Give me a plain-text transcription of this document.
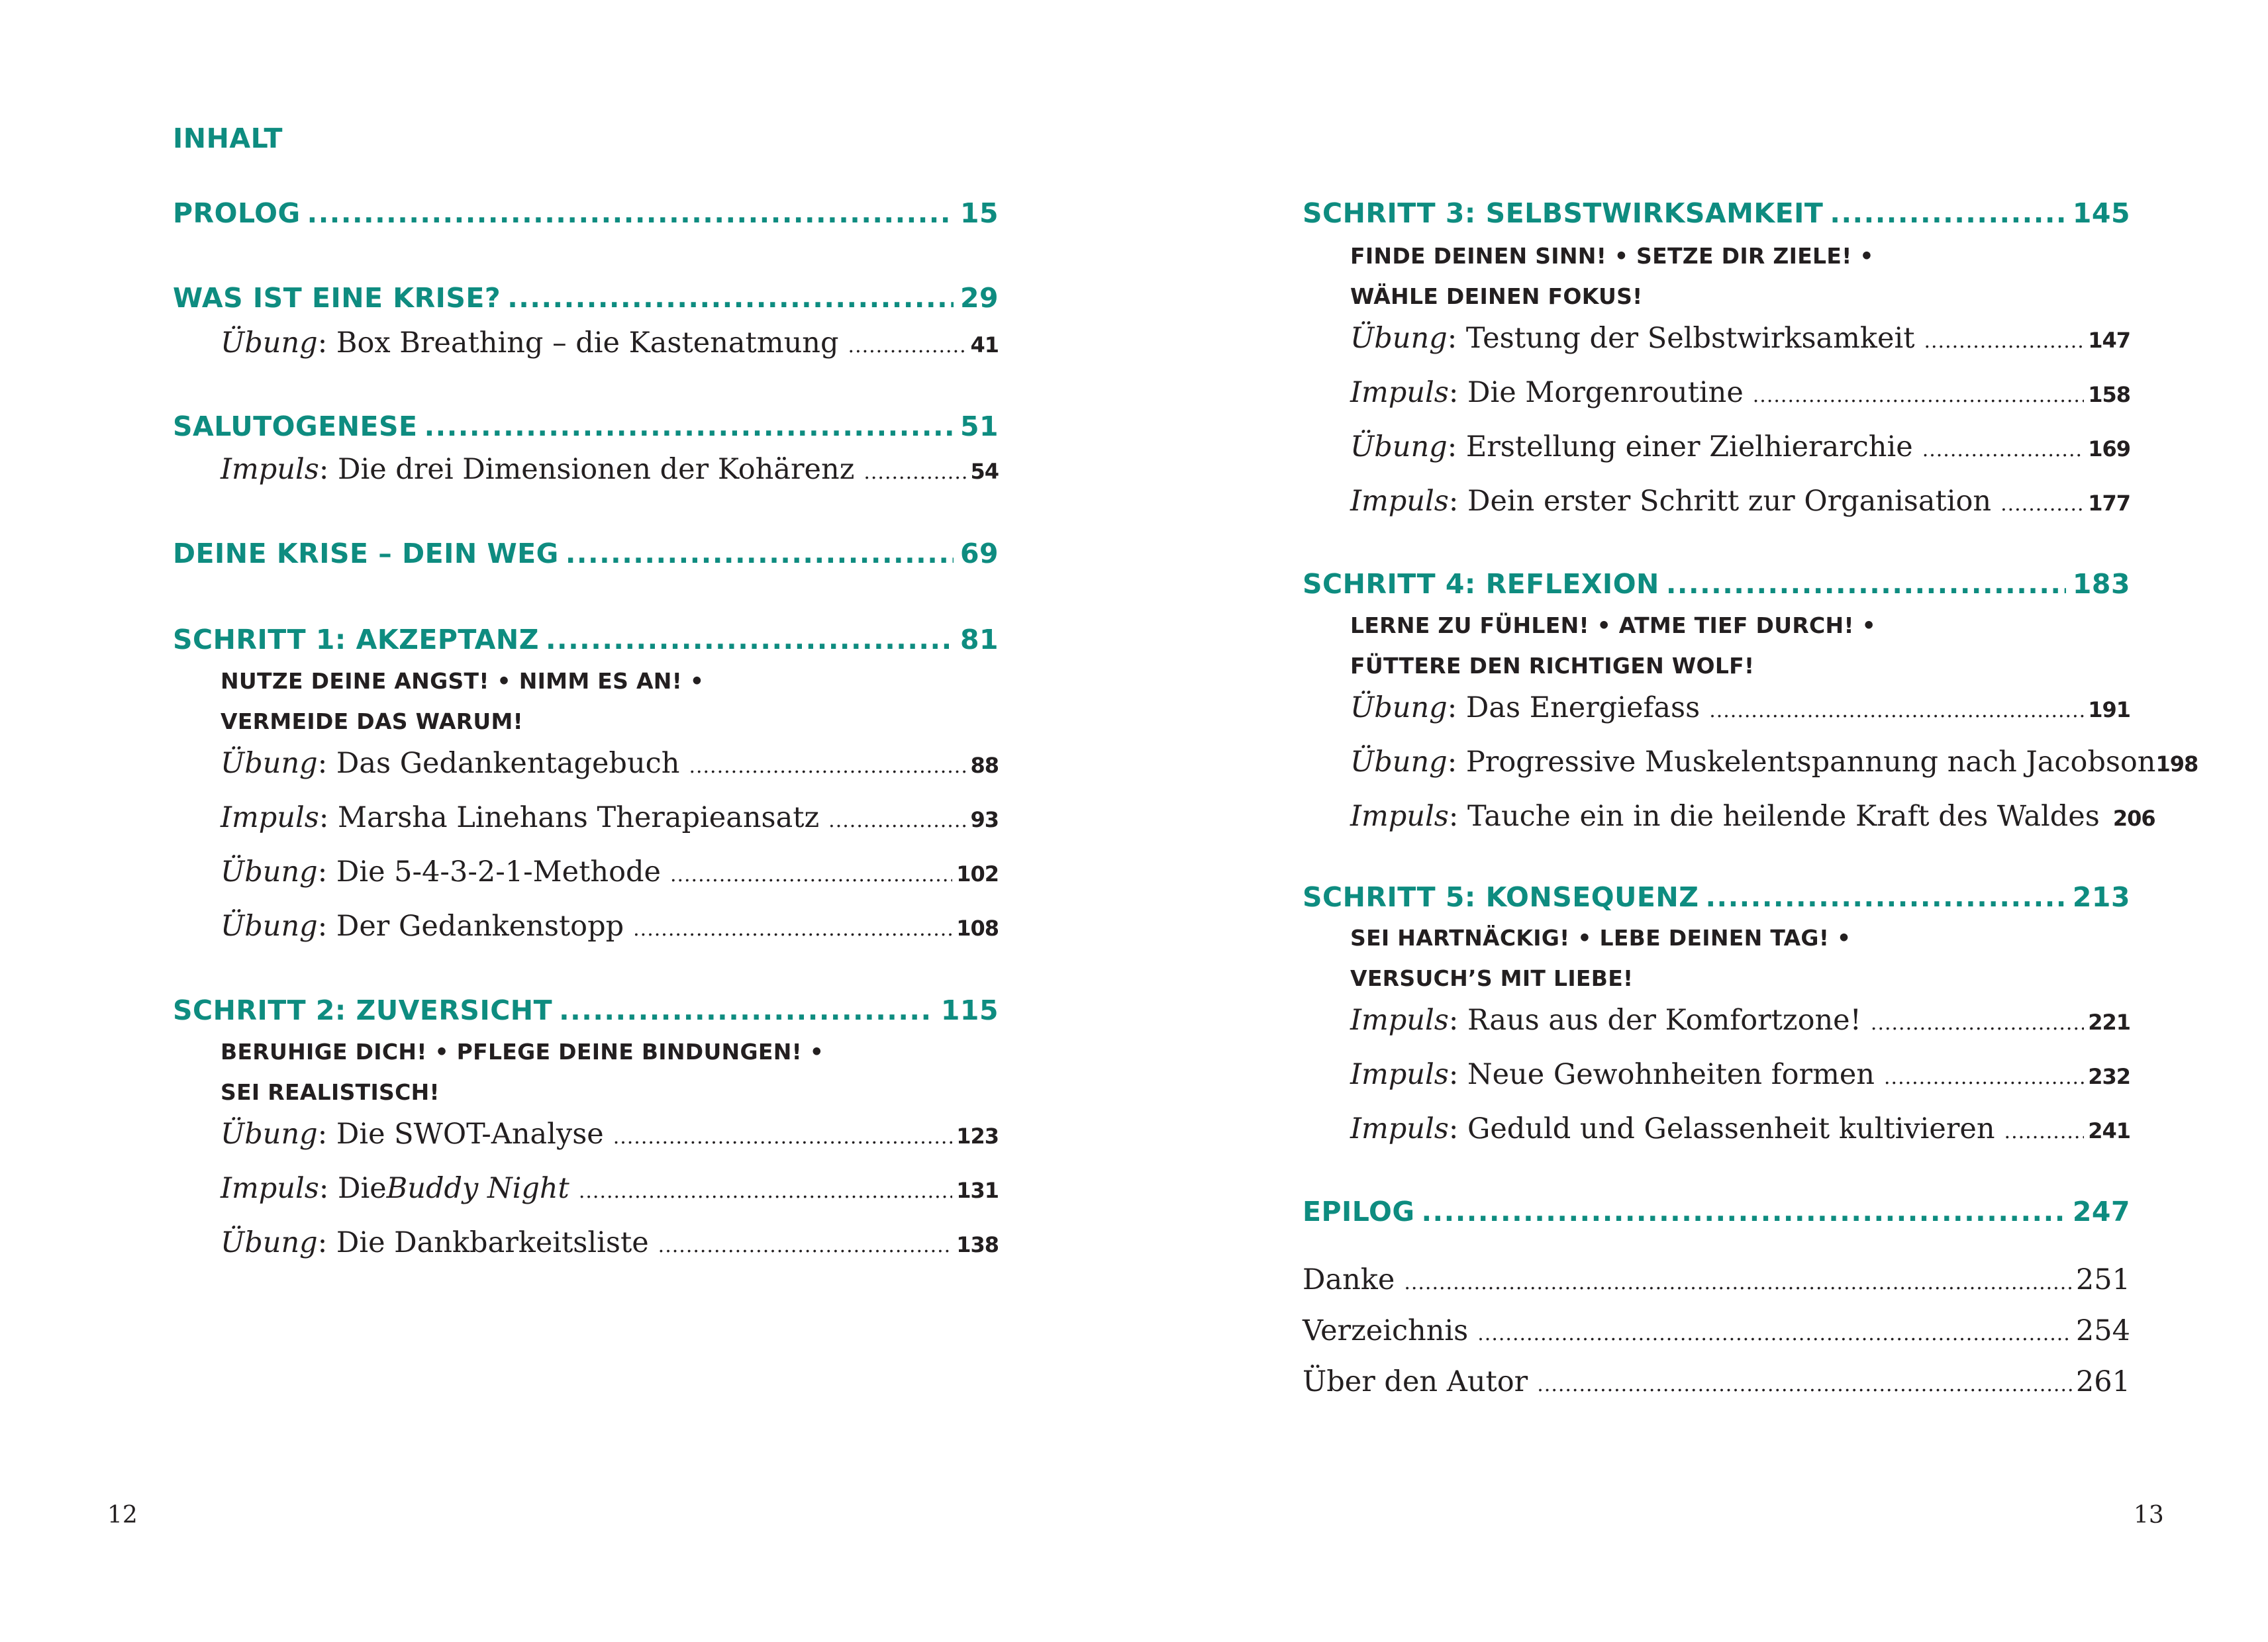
INHALT
PROLOG .....	15
WAS IST EINE KRISE? .....	29
Übung : Box Breathing – die Kastenatmung .....	41
SALUTOGENESE .....	51
Impuls : Die drei Dimensionen der Kohärenz .....	54
DEINE KRISE – DEIN WEG .....	69
SCHRITT 1: AKZEPTANZ .....	81
NUTZE DEINE ANGST! • NIMM ES AN! •
VERMEIDE DAS WARUM!
Übung : Das Gedankentagebuch .....	88
Impuls : Marsha Linehans Therapieansatz .....	93
Übung : Die 5-4-3-2-1-Methode .....	102
Übung : Der Gedankenstopp .....	108
SCHRITT 2: ZUVERSICHT .....	115
BERUHIGE DICH! • PFLEGE DEINE BINDUNGEN! •
SEI REALISTISCH!
Übung : Die SWOT-Analyse .....	123
Impuls : Die Buddy Night .....	131
Übung : Die Dankbarkeitsliste .....	138
12
SCHRITT 3: SELBSTWIRKSAMKEIT .....	145
FINDE DEINEN SINN! • SETZE DIR ZIELE! •
WÄHLE DEINEN FOKUS!
Übung : Testung der Selbstwirksamkeit .....	147
Impuls : Die Morgenroutine .....	158
Übung : Erstellung einer Zielhierarchie .....	169
Impuls : Dein erster Schritt zur Organisation .....	177
SCHRITT 4: REFLEXION .....	183
LERNE ZU FÜHLEN! • ATME TIEF DURCH! •
FÜTTERE DEN RICHTIGEN WOLF!
Übung : Das Energiefass .....	191
Übung : Progressive Muskelentspannung nach Jacobson 198
Impuls : Tauche ein in die heilende Kraft des Waldes 206
SCHRITT 5: KONSEQUENZ .....	213
SEI HARTNÄCKIG! • LEBE DEINEN TAG! •
VERSUCH’S MIT LIEBE!
Impuls : Raus aus der Komfortzone! .....	221
Impuls : Neue Gewohnheiten formen .....	232
Impuls : Geduld und Gelassenheit kultivieren .....	241
EPILOG .....	247
Danke .....	251
Verzeichnis .....	254
Über den Autor .....	261
13
